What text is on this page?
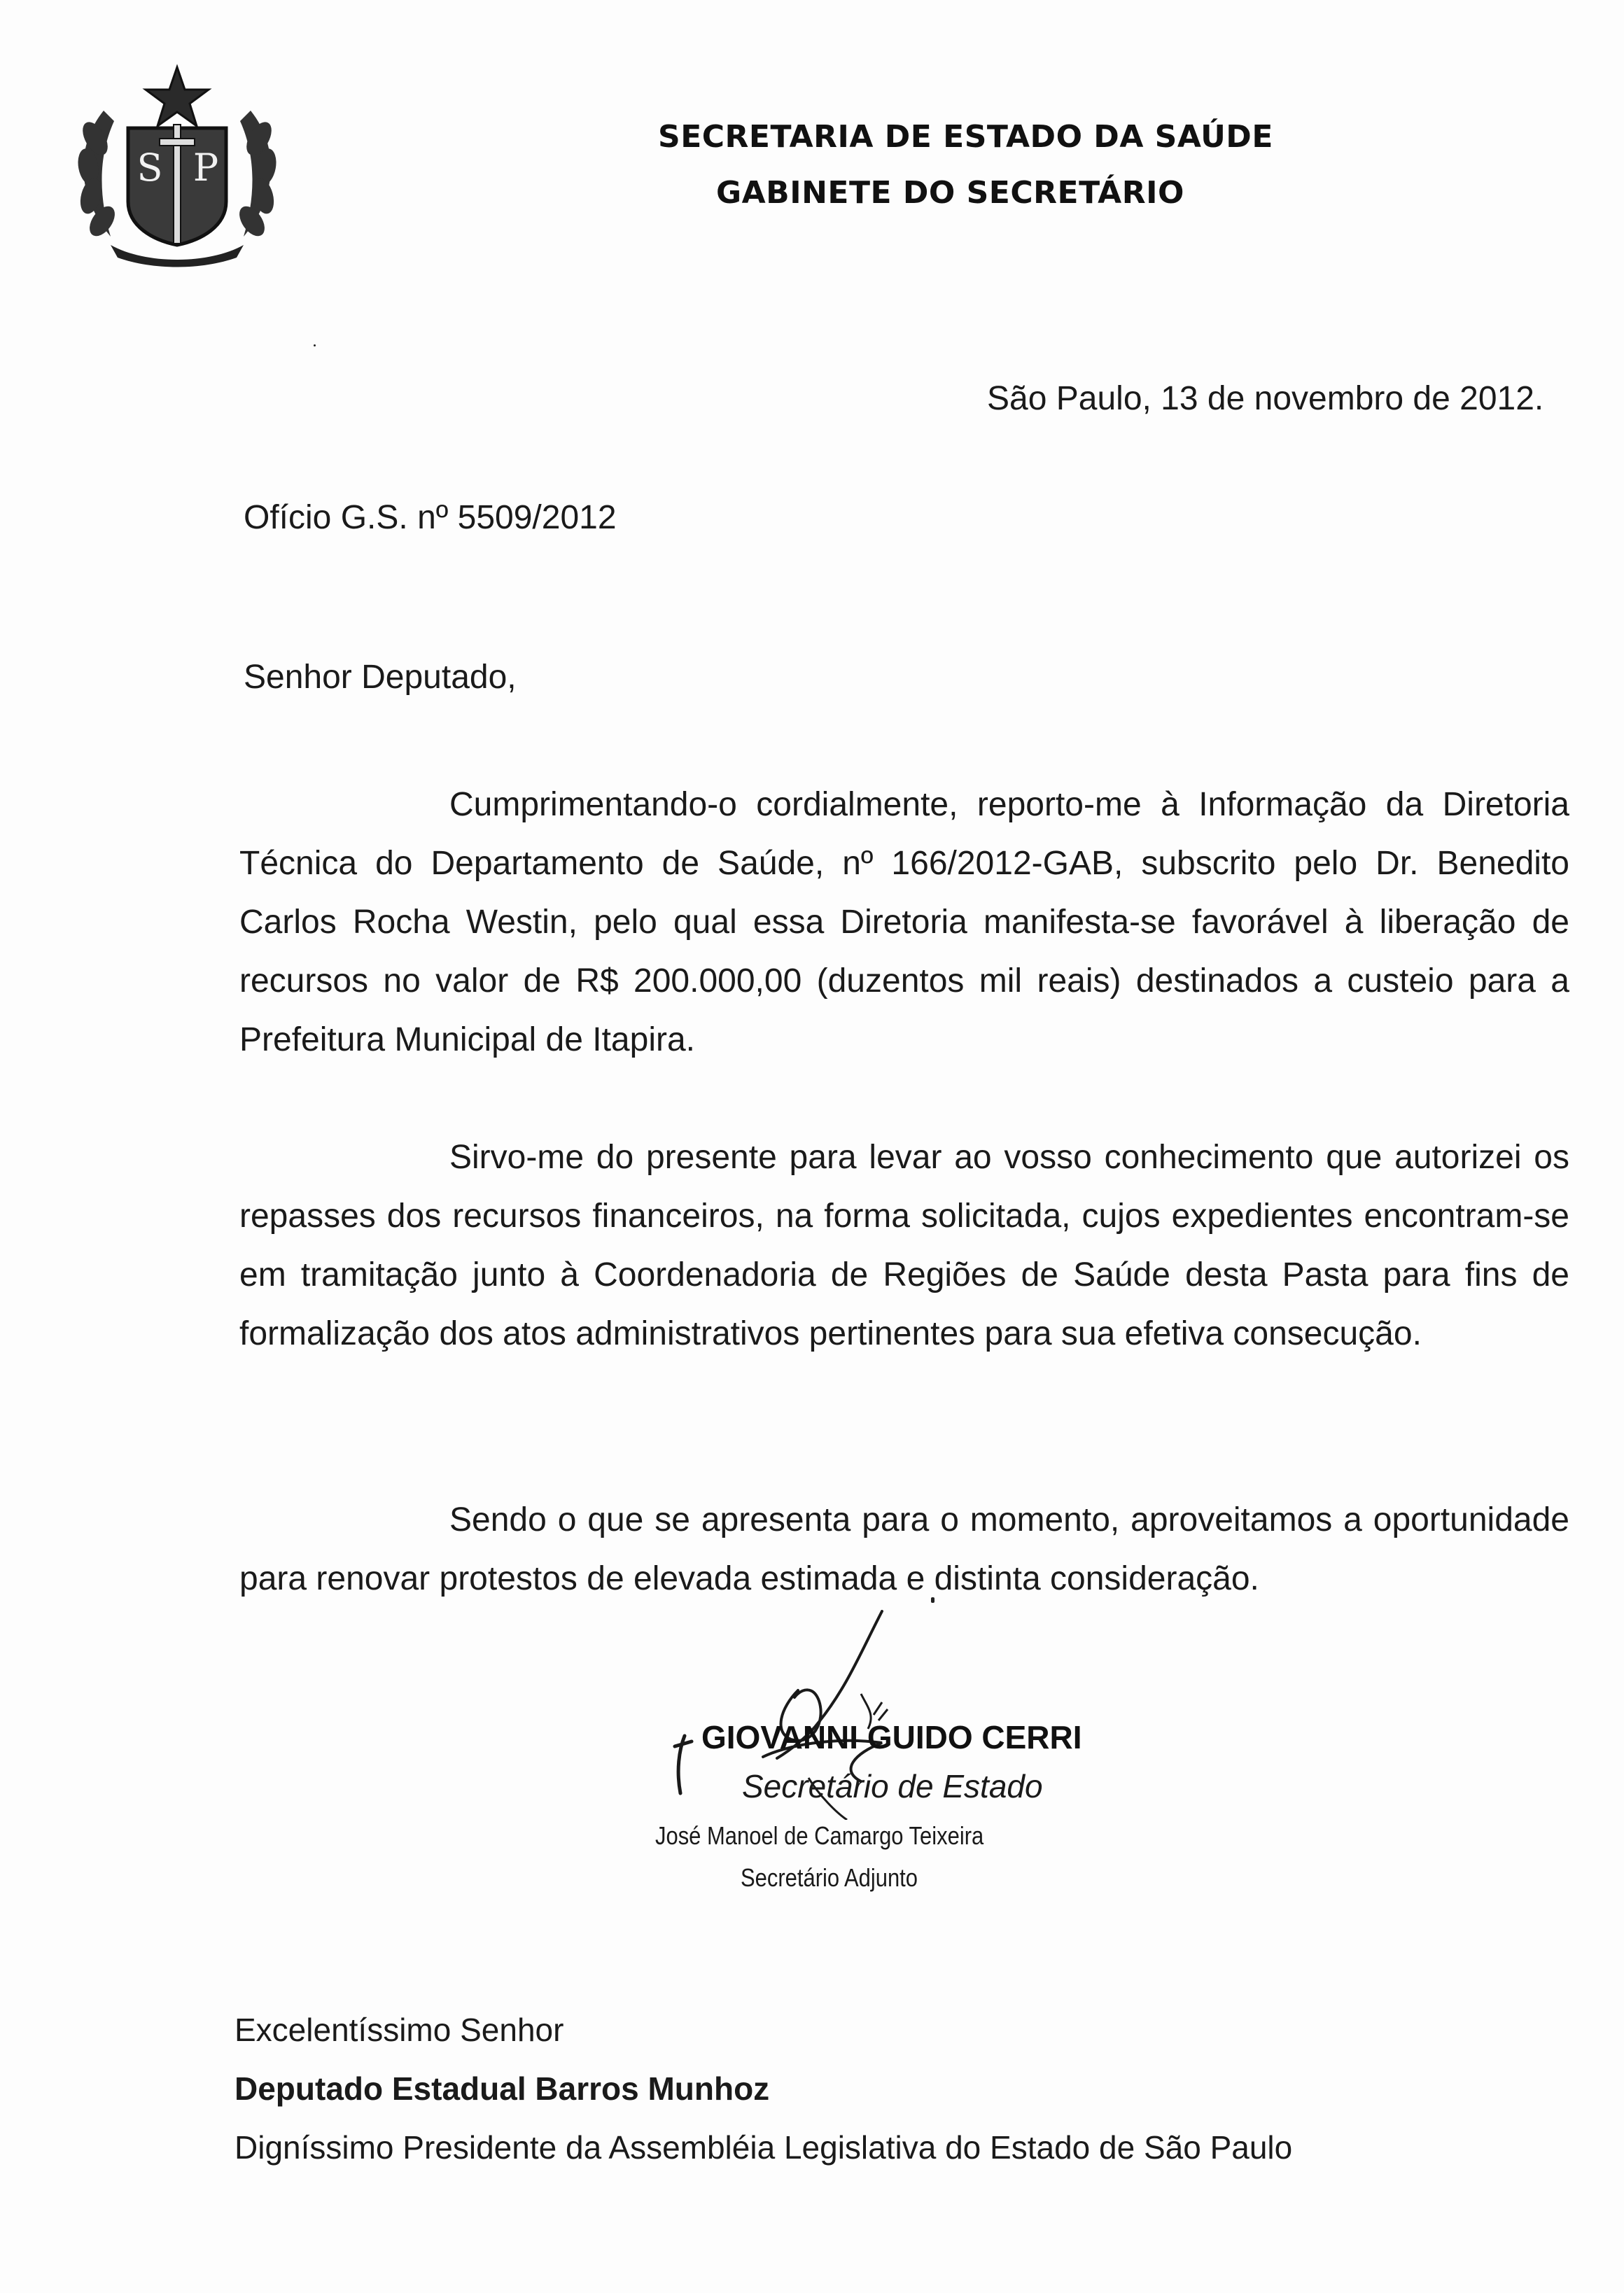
S P
SECRETARIA DE ESTADO DA SAÚDE
GABINETE DO SECRETÁRIO
São Paulo, 13 de novembro de 2012.
Ofício G.S. nº 5509/2012
Senhor Deputado,
Cumprimentando-o cordialmente, reporto-me à Informação da Diretoria Técnica do Departamento de Saúde, nº 166/2012-GAB, subscrito pelo Dr. Benedito Carlos Rocha Westin, pelo qual essa Diretoria manifesta-se favorável à liberação de recursos no valor de R$ 200.000,00 (duzentos mil reais) destinados a custeio para a Prefeitura Municipal de Itapira.
Sirvo-me do presente para levar ao vosso conhecimento que autorizei os repasses dos recursos financeiros, na forma solicitada, cujos expedientes encontram-se em tramitação junto à Coordenadoria de Regiões de Saúde desta Pasta para fins de formalização dos atos administrativos pertinentes para sua efetiva consecução.
Sendo o que se apresenta para o momento, aproveitamos a oportunidade para renovar protestos de elevada estimada e distinta consideração.
GIOVANNI GUIDO CERRI
Secretário de Estado
José Manoel de Camargo Teixeira
Secretário Adjunto
Excelentíssimo Senhor
Deputado Estadual Barros Munhoz
Digníssimo Presidente da Assembléia Legislativa do Estado de São Paulo
